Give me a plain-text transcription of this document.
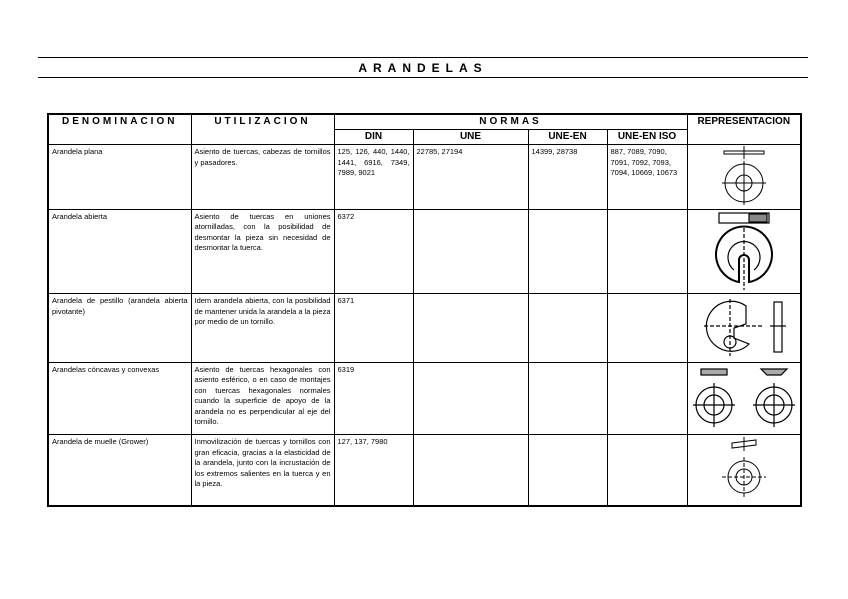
ARANDELAS
DENOMINACION	UTILIZACION	NORMAS				REPRESENTACION
		DIN	UNE	UNE-EN	UNE-EN ISO	
Arandela plana	Asiento de tuercas, cabezas de tornillos y pasadores.	125, 126, 440, 1440, 1441, 6916, 7349, 7989, 9021	22785, 27194	14399, 28738	887, 7089, 7090, 7091, 7092, 7093, 7094, 10669, 10673	
Arandela abierta	Asiento de tuercas en uniones atornilladas, con la posibilidad de desmontar la pieza sin necesidad de desmontar la tuerca.	6372				
Arandela de pestillo (arandela abierta pivotante)	Idem arandela abierta, con la posibilidad de mantener unida la arandela a la pieza por medio de un tornillo.	6371				
Arandelas cóncavas y convexas	Asiento de tuercas hexagonales con asiento esférico, o en caso de montajes con tuercas hexagonales normales cuando la superficie de apoyo de la arandela no es perpendicular al eje del tornillo.	6319				
Arandela de muelle (Grower)	Inmovilización de tuercas y tornillos con gran eficacia, gracias a la elasticidad de la arandela, junto con la incrustación de los extremos salientes en la tuerca y en la pieza.	127, 137, 7980				
